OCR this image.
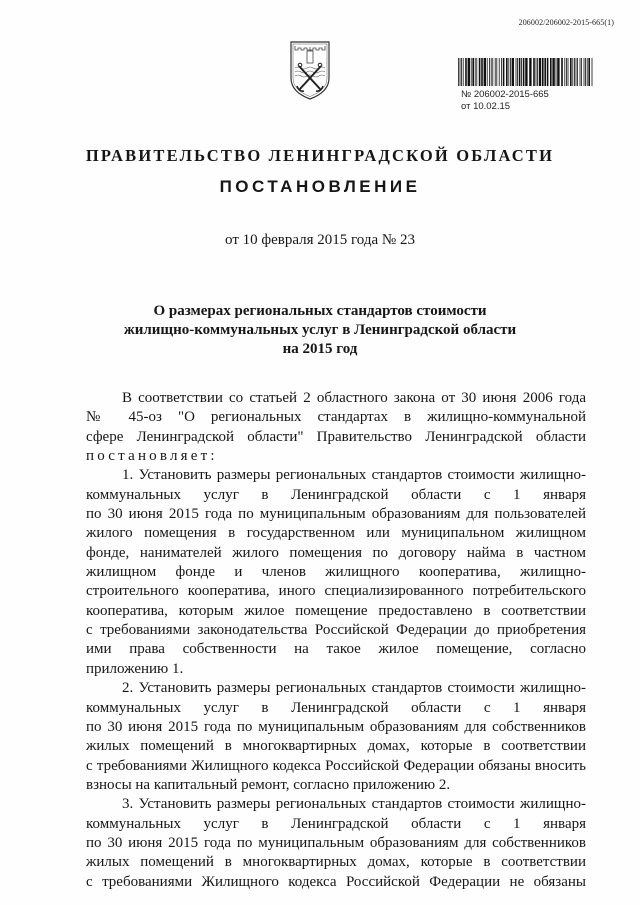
206002/206002-2015-665(1)
№ 206002-2015-665
от 10.02.15
ПРАВИТЕЛЬСТВО ЛЕНИНГРАДСКОЙ ОБЛАСТИ
ПОСТАНОВЛЕНИЕ
от 10 февраля 2015 года № 23
О размерах региональных стандартов стоимости
жилищно-коммунальных услуг в Ленинградской области
на 2015 год
В соответствии со статьей 2 областного закона от 30 июня 2006 года
№ 45-оз "О региональных стандартах в жилищно-коммунальной
сфере Ленинградской области" Правительство Ленинградской области
постановляет:
1. Установить размеры региональных стандартов стоимости жилищно-
коммунальных услуг в Ленинградской области с 1 января
по 30 июня 2015 года по муниципальным образованиям для пользователей
жилого помещения в государственном или муниципальном жилищном
фонде, нанимателей жилого помещения по договору найма в частном
жилищном фонде и членов жилищного кооператива, жилищно-
строительного кооператива, иного специализированного потребительского
кооператива, которым жилое помещение предоставлено в соответствии
с требованиями законодательства Российской Федерации до приобретения
ими права собственности на такое жилое помещение, согласно
приложению 1.
2. Установить размеры региональных стандартов стоимости жилищно-
коммунальных услуг в Ленинградской области с 1 января
по 30 июня 2015 года по муниципальным образованиям для собственников
жилых помещений в многоквартирных домах, которые в соответствии
с требованиями Жилищного кодекса Российской Федерации обязаны вносить
взносы на капитальный ремонт, согласно приложению 2.
3. Установить размеры региональных стандартов стоимости жилищно-
коммунальных услуг в Ленинградской области с 1 января
по 30 июня 2015 года по муниципальным образованиям для собственников
жилых помещений в многоквартирных домах, которые в соответствии
с требованиями Жилищного кодекса Российской Федерации не обязаны
